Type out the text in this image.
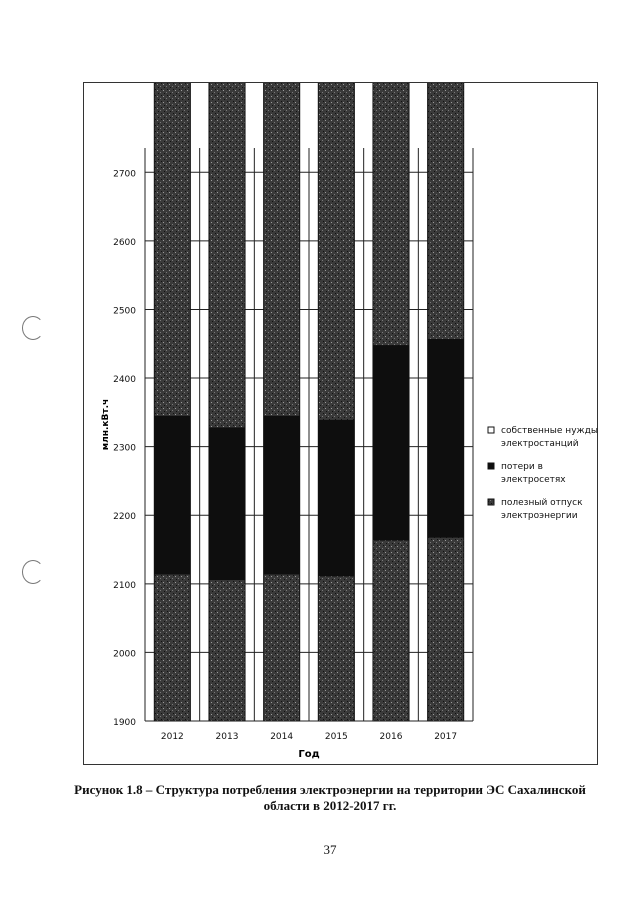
1900
2000
2100
2200
2300
2400
2500
2600
2700
2012	2013	2014	2015	2016	2017
Год
млн.кВт.ч	собственные нужды
электростанций
потери в
электросетях
полезный отпуск
электроэнергии
Рисунок 1.8 – Структура потребления электроэнергии на территории ЭС Сахалинской
области в 2012-2017 гг.
37
